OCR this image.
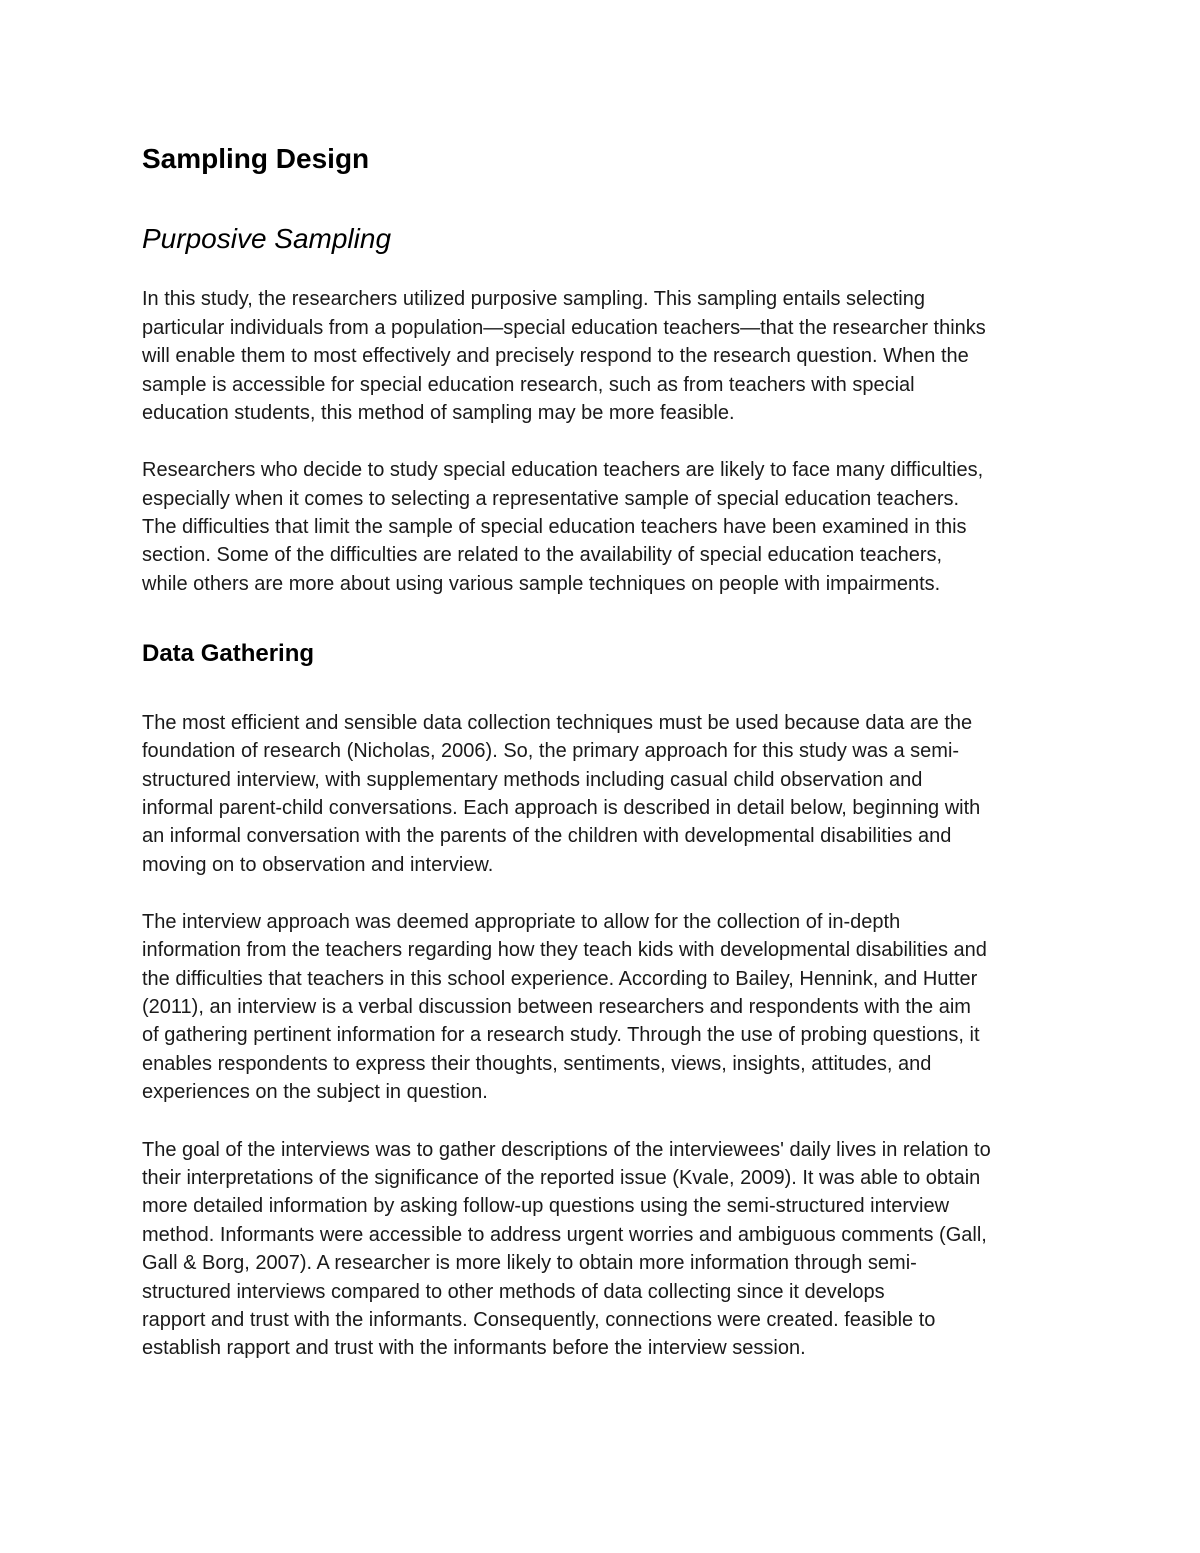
Sampling Design
Purposive Sampling
In this study, the researchers utilized purposive sampling. This sampling entails selecting
particular individuals from a population—special education teachers—that the researcher thinks
will enable them to most effectively and precisely respond to the research question. When the
sample is accessible for special education research, such as from teachers with special
education students, this method of sampling may be more feasible.
Researchers who decide to study special education teachers are likely to face many difficulties,
especially when it comes to selecting a representative sample of special education teachers.
The difficulties that limit the sample of special education teachers have been examined in this
section. Some of the difficulties are related to the availability of special education teachers,
while others are more about using various sample techniques on people with impairments.
Data Gathering
The most efficient and sensible data collection techniques must be used because data are the
foundation of research (Nicholas, 2006). So, the primary approach for this study was a semi-
structured interview, with supplementary methods including casual child observation and
informal parent-child conversations. Each approach is described in detail below, beginning with
an informal conversation with the parents of the children with developmental disabilities and
moving on to observation and interview.
The interview approach was deemed appropriate to allow for the collection of in-depth
information from the teachers regarding how they teach kids with developmental disabilities and
the difficulties that teachers in this school experience. According to Bailey, Hennink, and Hutter
(2011), an interview is a verbal discussion between researchers and respondents with the aim
of gathering pertinent information for a research study. Through the use of probing questions, it
enables respondents to express their thoughts, sentiments, views, insights, attitudes, and
experiences on the subject in question.
The goal of the interviews was to gather descriptions of the interviewees' daily lives in relation to
their interpretations of the significance of the reported issue (Kvale, 2009). It was able to obtain
more detailed information by asking follow-up questions using the semi-structured interview
method. Informants were accessible to address urgent worries and ambiguous comments (Gall,
Gall & Borg, 2007). A researcher is more likely to obtain more information through semi-
structured interviews compared to other methods of data collecting since it develops
rapport and trust with the informants. Consequently, connections were created. feasible to
establish rapport and trust with the informants before the interview session.
